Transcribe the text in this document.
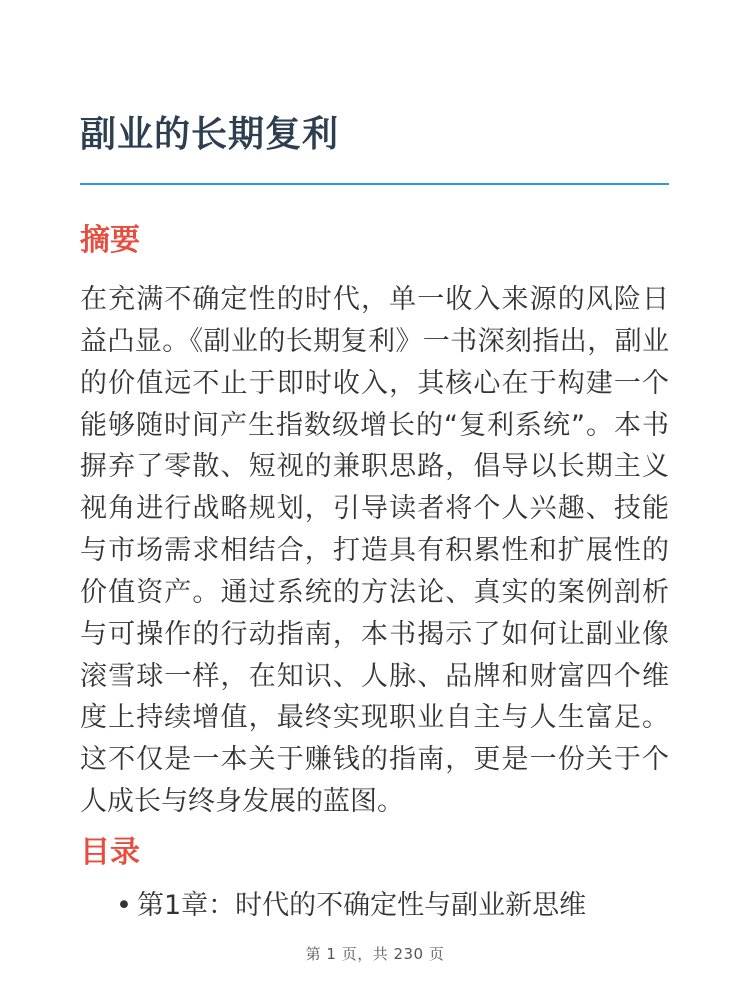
副业的长期复利
摘要

在充满不确定性的时代，单一收入来源的风险日益凸显。《副业的长期复利》一书深刻指出，副业的价值远不止于即时收入，其核心在于构建一个能够随时间产生指数级增长的“复利系统”。本书摒弃了零散、短视的兼职思路，倡导以长期主义视角进行战略规划，引导读者将个人兴趣、技能与市场需求相结合，打造具有积累性和扩展性的价值资产。通过系统的方法论、真实的案例剖析与可操作的行动指南，本书揭示了如何让副业像滚雪球一样，在知识、人脉、品牌和财富四个维度上持续增值，最终实现职业自主与人生富足。这不仅是一本关于赚钱的指南，更是一份关于个人成长与终身发展的蓝图。

目录
• 第1章：时代的不确定性与副业新思维
第 1 页，共 230 页
